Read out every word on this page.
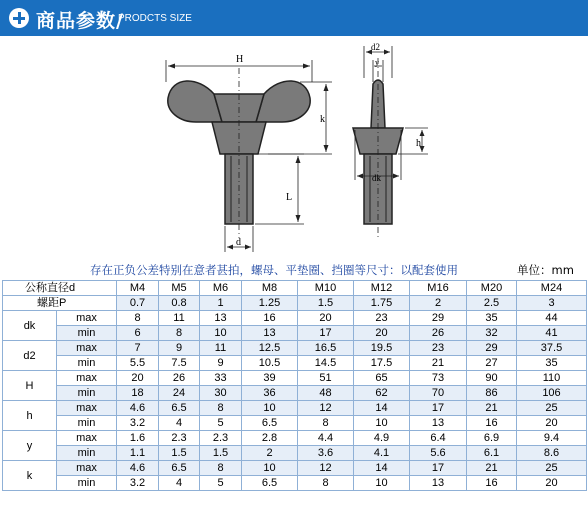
商品参数/
PRODCTS SIZE
H
k
L
d
d2
y
h
dk
存在正负公差特别在意者甚拍，螺母、平垫圈、挡圈等尺寸：以配套使用	单位：mm
公称直径d		M4	M5	M6	M8	M10	M12	M16	M20	M24
螺距P		0.7	0.8	1	1.25	1.5	1.75	2	2.5	3
dk	max	8	11	13	16	20	23	29	35	44
	min	6	8	10	13	17	20	26	32	41
d2	max	7	9	11	12.5	16.5	19.5	23	29	37.5
	min	5.5	7.5	9	10.5	14.5	17.5	21	27	35
H	max	20	26	33	39	51	65	73	90	110
	min	18	24	30	36	48	62	70	86	106
h	max	4.6	6.5	8	10	12	14	17	21	25
	min	3.2	4	5	6.5	8	10	13	16	20
y	max	1.6	2.3	2.3	2.8	4.4	4.9	6.4	6.9	9.4
	min	1.1	1.5	1.5	2	3.6	4.1	5.6	6.1	8.6
k	max	4.6	6.5	8	10	12	14	17	21	25
	min	3.2	4	5	6.5	8	10	13	16	20
